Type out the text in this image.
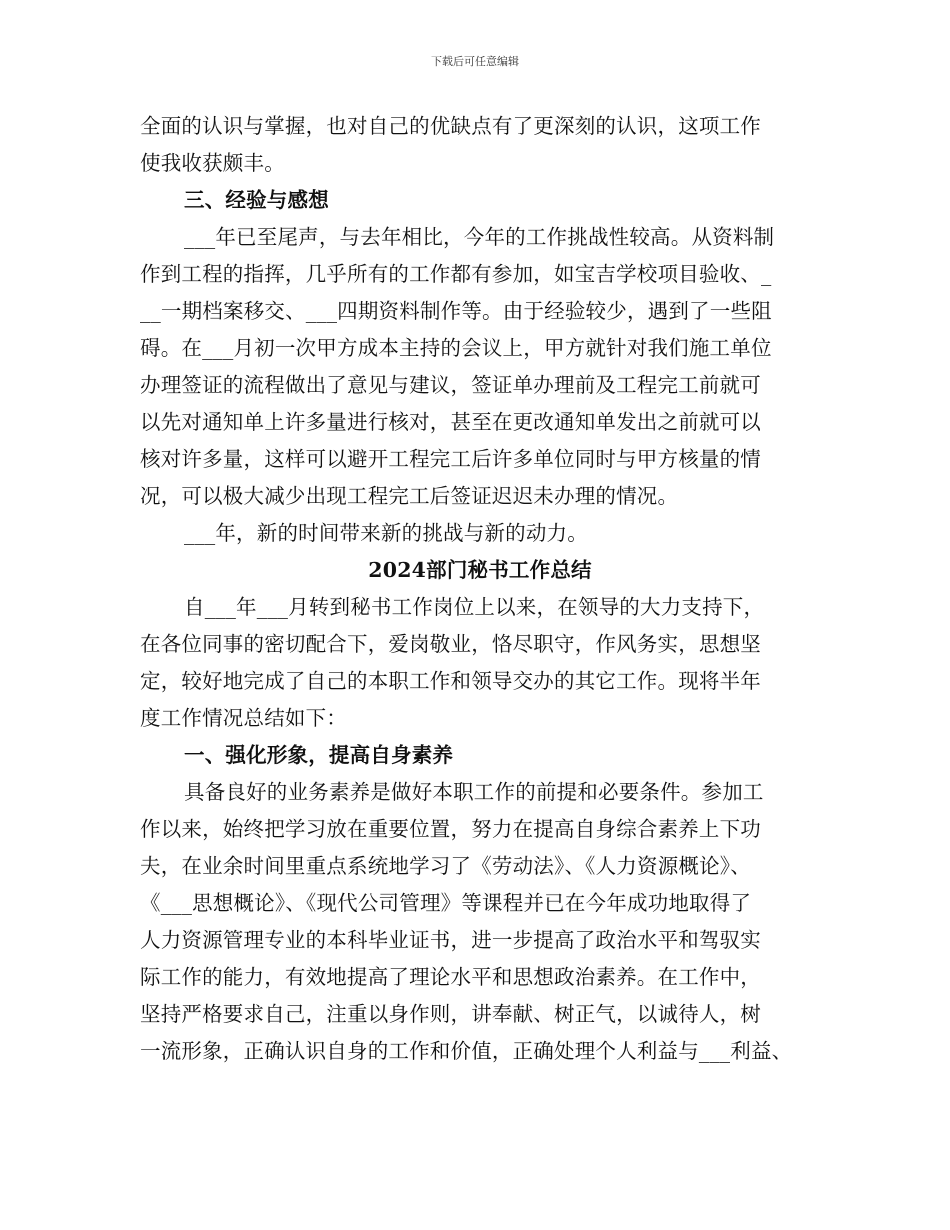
下载后可任意编辑
全面的认识与掌握，也对自己的优缺点有了更深刻的认识，这项工作
使我收获颇丰。
三、经验与感想
___年已至尾声，与去年相比，今年的工作挑战性较高。从资料制
作到工程的指挥，几乎所有的工作都有参加，如宝吉学校项目验收、_
__一期档案移交、___四期资料制作等。由于经验较少，遇到了一些阻
碍。在___月初一次甲方成本主持的会议上，甲方就针对我们施工单位
办理签证的流程做出了意见与建议，签证单办理前及工程完工前就可
以先对通知单上许多量进行核对，甚至在更改通知单发出之前就可以
核对许多量，这样可以避开工程完工后许多单位同时与甲方核量的情
况，可以极大减少出现工程完工后签证迟迟未办理的情况。
___年，新的时间带来新的挑战与新的动力。
2024部门秘书工作总结
自___年___月转到秘书工作岗位上以来，在领导的大力支持下，
在各位同事的密切配合下，爱岗敬业，恪尽职守，作风务实，思想坚
定，较好地完成了自己的本职工作和领导交办的其它工作。现将半年
度工作情况总结如下：
一、强化形象，提高自身素养
具备良好的业务素养是做好本职工作的前提和必要条件。参加工
作以来，始终把学习放在重要位置，努力在提高自身综合素养上下功
夫，在业余时间里重点系统地学习了《劳动法》、《人力资源概论》、
《___思想概论》、《现代公司管理》等课程并已在今年成功地取得了
人力资源管理专业的本科毕业证书，进一步提高了政治水平和驾驭实
际工作的能力，有效地提高了理论水平和思想政治素养。在工作中，
坚持严格要求自己，注重以身作则，讲奉献、树正气，以诚待人，树
一流形象，正确认识自身的工作和价值，正确处理个人利益与___利益、
